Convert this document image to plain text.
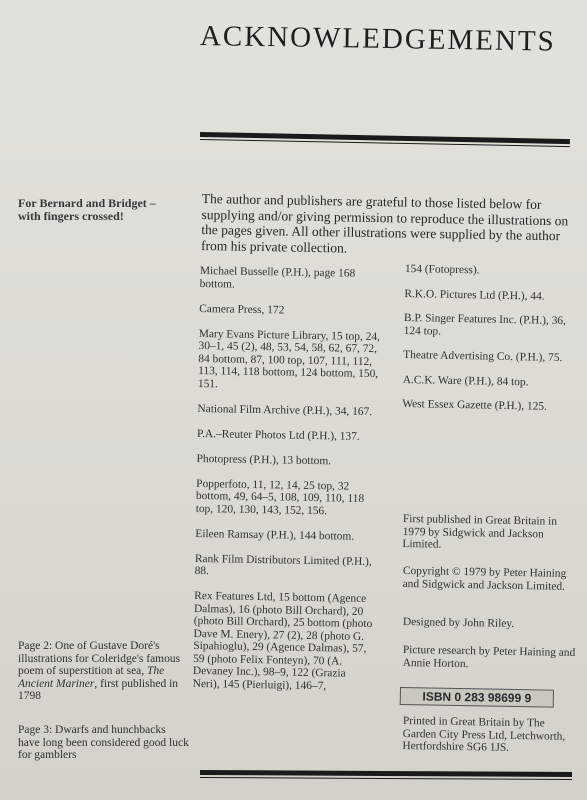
ACKNOWLEDGEMENTS
For Bernard and Bridget – with fingers crossed!
The author and publishers are grateful to those listed below for supplying and/or giving permission to reproduce the illustrations on the pages given. All other illustrations were supplied by the author from his private collection.

Michael Busselle (P.H.), page 168 bottom.

Camera Press, 172

Mary Evans Picture Library, 15 top, 24, 30–1, 45 (2), 48, 53, 54, 58, 62, 67, 72, 84 bottom, 87, 100 top, 107, 111, 112, 113, 114, 118 bottom, 124 bottom, 150, 151.

National Film Archive (P.H.), 34, 167.

P.A.–Reuter Photos Ltd (P.H.), 137.

Photopress (P.H.), 13 bottom.

Popperfoto, 11, 12, 14, 25 top, 32 bottom, 49, 64–5, 108, 109, 110, 118 top, 120, 130, 143, 152, 156.

Eileen Ramsay (P.H.), 144 bottom.

Rank Film Distributors Limited (P.H.), 88.

Rex Features Ltd, 15 bottom (Agence Dalmas), 16 (photo Bill Orchard), 20 (photo Bill Orchard), 25 bottom (photo Dave M. Enery), 27 (2), 28 (photo G. Sipahioglu), 29 (Agence Dalmas), 57, 59 (photo Felix Fonteyn), 70 (A. Devaney Inc.), 98–9, 122 (Grazia Neri), 145 (Pierluigi), 146–7,

154 (Fotopress).

R.K.O. Pictures Ltd (P.H.), 44.

B.P. Singer Features Inc. (P.H.), 36, 124 top.

Theatre Advertising Co. (P.H.), 75.

A.C.K. Ware (P.H.), 84 top.

West Essex Gazette (P.H.), 125.

First published in Great Britain in 1979 by Sidgwick and Jackson Limited.

Copyright © 1979 by Peter Haining and Sidgwick and Jackson Limited.

Designed by John Riley.

Picture research by Peter Haining and Annie Horton.

ISBN 0 283 98699 9

Printed in Great Britain by The Garden City Press Ltd, Letchworth, Hertfordshire SG6 1JS.

Page 2: One of Gustave Doré's illustrations for Coleridge's famous poem of superstition at sea, The Ancient Mariner, first published in 1798
Page 3: Dwarfs and hunchbacks have long been considered good luck for gamblers
